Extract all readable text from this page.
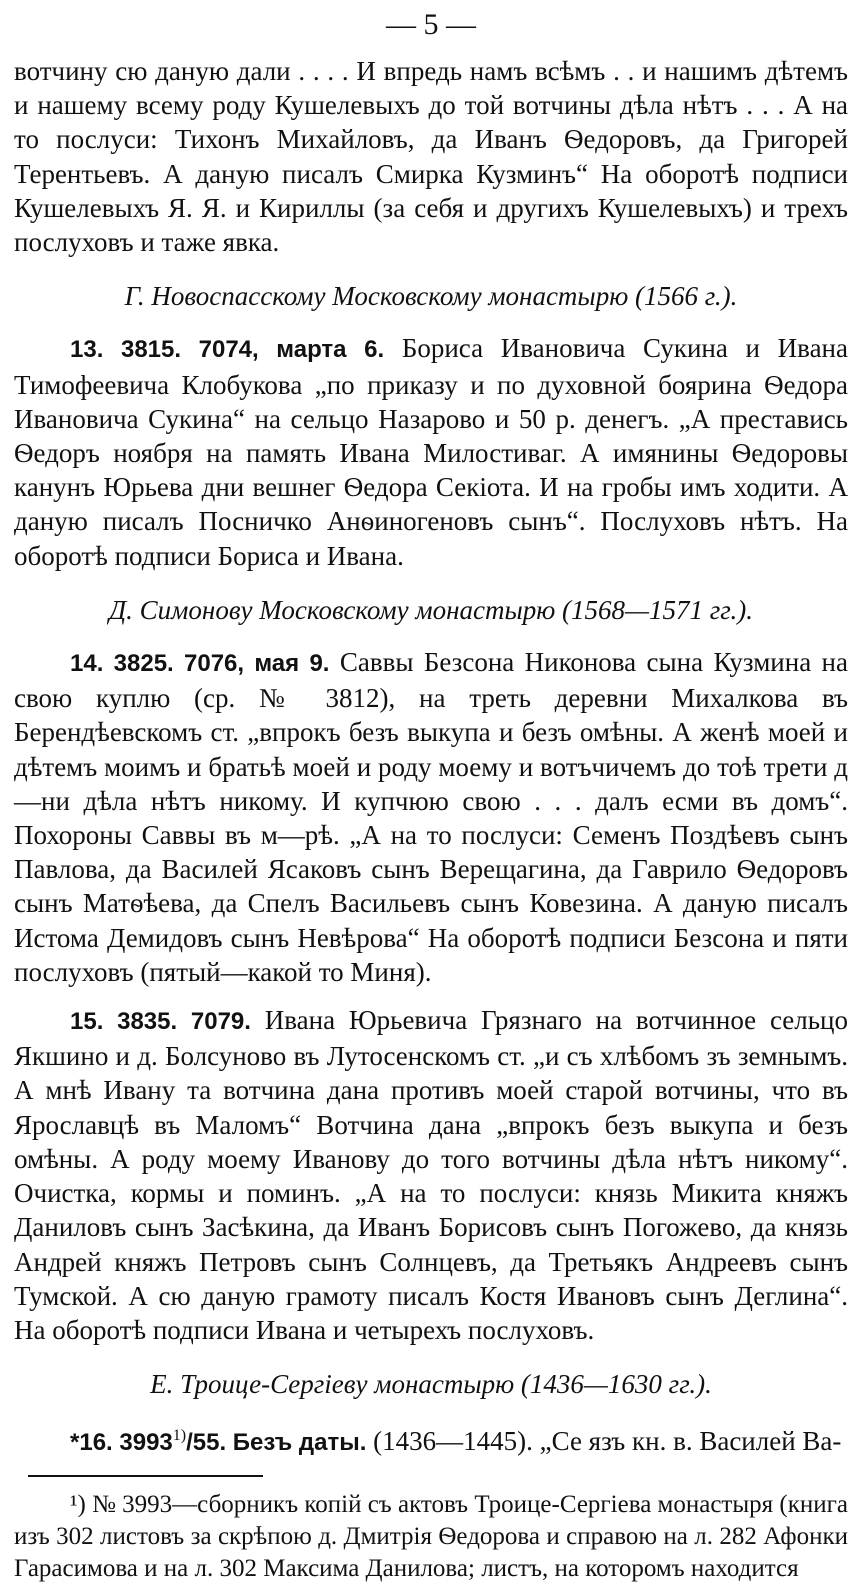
— 5 —

вотчину сю даную дали . . . . И впредь намъ всѣмъ . . и нашимъ дѣтемъ и нашему всему роду Кушелевыхъ до той вотчины дѣла нѣтъ . . . А на то послуси: Тихонъ Михайловъ, да Иванъ Ѳедоровъ, да Григорей Терентьевъ. А даную писалъ Смирка Кузминъ“ На оборотѣ подписи Кушелевыхъ Я. Я. и Кириллы (за себя и другихъ Кушелевыхъ) и трехъ послуховъ и таже явка.

Г. Новоспасскому Московскому монастырю (1566 г.).

13. 3815. 7074, марта 6. Бориса Ивановича Сукина и Ивана Тимофеевича Клобукова „по приказу и по духовной боярина Ѳедора Ивановича Сукина“ на сельцо Назарово и 50 р. денегъ. „А преставись Ѳедоръ ноября на память Ивана Милостиваг. А имянины Ѳедоровы канунъ Юрьева дни вешнег Ѳедора Секіота. И на гробы имъ ходити. А даную писалъ Посничко Анѳиногеновъ сынъ“. Послуховъ нѣтъ. На оборотѣ подписи Бориса и Ивана.

Д. Симонову Московскому монастырю (1568—1571 гг.).

14. 3825. 7076, мая 9. Саввы Безсона Никонова сына Кузмина на свою куплю (ср. № 3812), на треть деревни Михалкова въ Берендѣевскомъ ст. „впрокъ безъ выкупа и безъ омѣны. А женѣ моей и дѣтемъ моимъ и братьѣ моей и роду моему и вотъчичемъ до тоѣ трети д—ни дѣла нѣтъ никому. И купчюю свою . . . далъ есми въ домъ“. Похороны Саввы въ м—рѣ. „А на то послуси: Семенъ Поздѣевъ сынъ Павлова, да Василей Ясаковъ сынъ Верещагина, да Гаврило Ѳедоровъ сынъ Матѳѣева, да Спелъ Васильевъ сынъ Ковезина. А даную писалъ Истома Демидовъ сынъ Невѣрова“ На оборотѣ подписи Безсона и пяти послуховъ (пятый—какой то Миня).

15. 3835. 7079. Ивана Юрьевича Грязнаго на вотчинное сельцо Якшино и д. Болсуново въ Лутосенскомъ ст. „и съ хлѣбомъ зъ земнымъ. А мнѣ Ивану та вотчина дана противъ моей старой вотчины, что въ Ярославцѣ въ Маломъ“ Вотчина дана „впрокъ безъ выкупа и безъ омѣны. А роду моему Иванову до того вотчины дѣла нѣтъ никому“. Очистка, кормы и поминъ. „А на то послуси: князь Микита княжъ Даниловъ сынъ Засѣкина, да Иванъ Борисовъ сынъ Погожево, да князь Андрей княжъ Петровъ сынъ Солнцевъ, да Третьякъ Андреевъ сынъ Тумской. А сю даную грамоту писалъ Костя Ивановъ сынъ Деглина“. На оборотѣ подписи Ивана и четырехъ послуховъ.

Е. Троице-Сергіеву монастырю (1436—1630 гг.).

*16. 3993$^{1)}$/55. Безъ даты. (1436—1445). „Се язъ кн. в. Василей Ва-

¹) № 3993—сборникъ копій съ актовъ Троице-Сергіева монастыря (книга изъ 302 листовъ за скрѣпою д. Дмитрія Ѳедорова и справою на л. 282 Афонки Гарасимова и на л. 302 Максима Данилова; листъ, на которомъ находится
